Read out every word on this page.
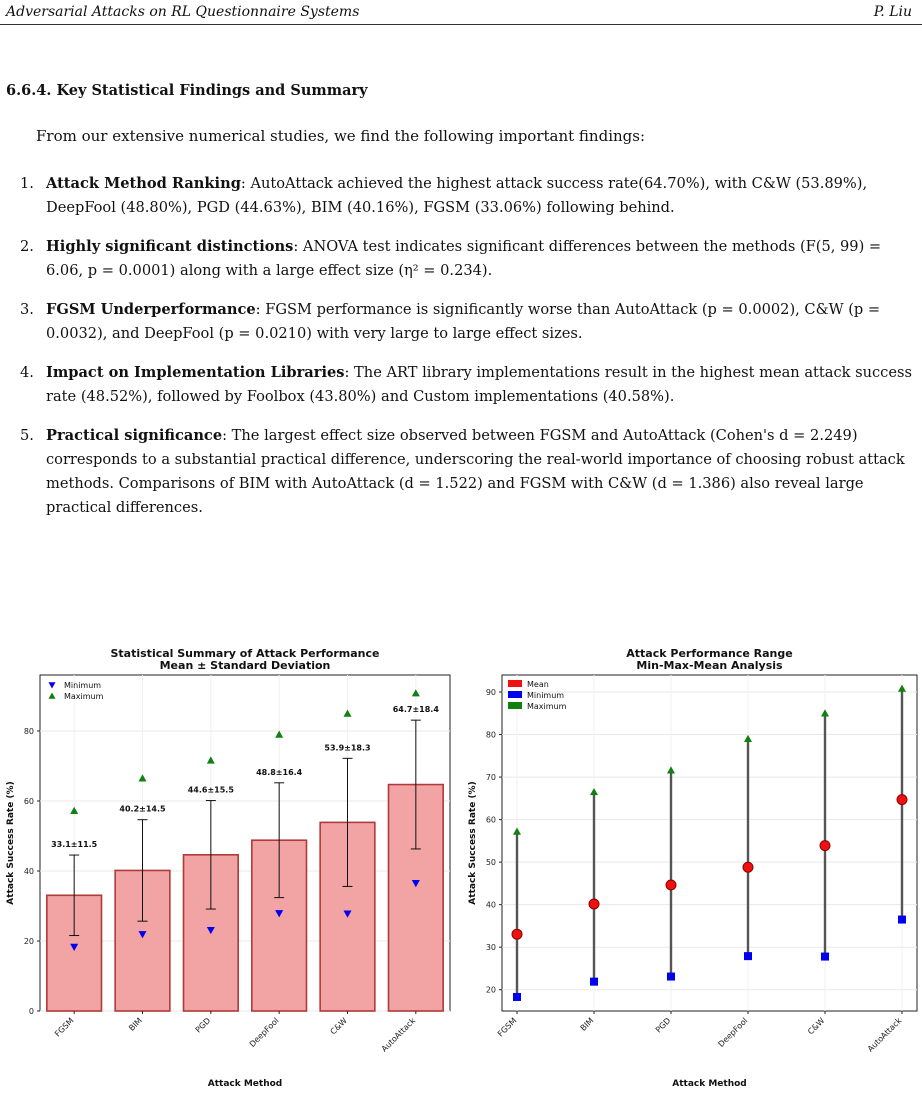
Adversarial Attacks on RL Questionnaire Systems	P. Liu
6.6.4. Key Statistical Findings and Summary
From our extensive numerical studies, we find the following important findings:
1. Attack Method Ranking: AutoAttack achieved the highest attack success rate(64.70%), with C&W (53.89%), DeepFool (48.80%), PGD (44.63%), BIM (40.16%), FGSM (33.06%) following behind.
2. Highly significant distinctions: ANOVA test indicates significant differences between the methods (F(5, 99) = 6.06, p = 0.0001) along with a large effect size (η² = 0.234).
3. FGSM Underperformance: FGSM performance is significantly worse than AutoAttack (p = 0.0002), C&W (p = 0.0032), and DeepFool (p = 0.0210) with very large to large effect sizes.
4. Impact on Implementation Libraries: The ART library implementations result in the highest mean attack success rate (48.52%), followed by Foolbox (43.80%) and Custom implementations (40.58%).
5. Practical significance: The largest effect size observed between FGSM and AutoAttack (Cohen's d = 2.249) corresponds to a substantial practical difference, underscoring the real-world importance of choosing robust attack methods. Comparisons of BIM with AutoAttack (d = 1.522) and FGSM with C&W (d = 1.386) also reveal large practical differences.
Statistical Summary of Attack Performance
Mean ± Standard Deviation
0
20
40
60
80
33.1±11.5
FGSM
40.2±14.5
BIM
44.6±15.5
PGD
48.8±16.4
DeepFool
53.9±18.3
C&W
64.7±18.4
AutoAttack
Minimum
Maximum
Attack Success Rate (%)
Attack Method
Attack Performance Range
Min-Max-Mean Analysis
20
30
40
50
60
70
80
90
FGSM	BIM	PGD	DeepFool	C&W	AutoAttack
Mean
Minimum
Maximum
Attack Success Rate (%)
Attack Method
